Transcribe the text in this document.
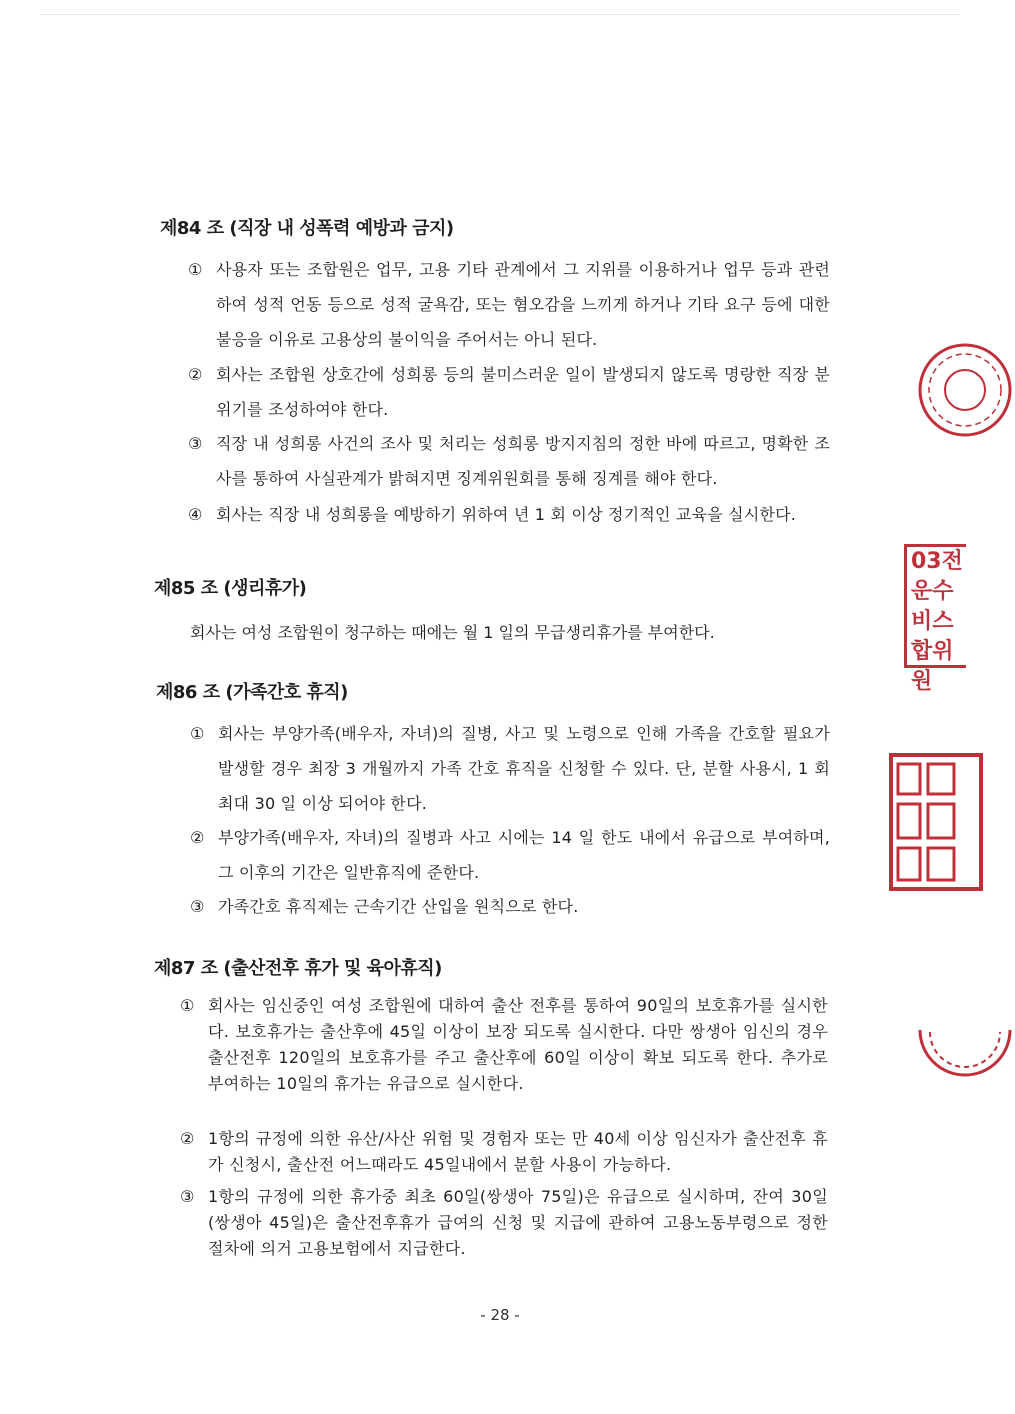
제84 조 (직장 내 성폭력 예방과 금지)
① 사용자 또는 조합원은 업무, 고용 기타 관계에서 그 지위를 이용하거나 업무 등과 관련하여 성적 언동 등으로 성적 굴욕감, 또는 혐오감을 느끼게 하거나 기타 요구 등에 대한 불응을 이유로 고용상의 불이익을 주어서는 아니 된다.
② 회사는 조합원 상호간에 성희롱 등의 불미스러운 일이 발생되지 않도록 명랑한 직장 분위기를 조성하여야 한다.
③ 직장 내 성희롱 사건의 조사 및 처리는 성희롱 방지지침의 정한 바에 따르고, 명확한 조사를 통하여 사실관계가 밝혀지면 징계위원회를 통해 징계를 해야 한다.
④ 회사는 직장 내 성희롱을 예방하기 위하여 년 1 회 이상 정기적인 교육을 실시한다.
제85 조 (생리휴가)
회사는 여성 조합원이 청구하는 때에는 월 1 일의 무급생리휴가를 부여한다.
제86 조 (가족간호 휴직)
① 회사는 부양가족(배우자, 자녀)의 질병, 사고 및 노령으로 인해 가족을 간호할 필요가 발생할 경우 최장 3 개월까지 가족 간호 휴직을 신청할 수 있다. 단, 분할 사용시, 1 회 최대 30 일 이상 되어야 한다.
② 부양가족(배우자, 자녀)의 질병과 사고 시에는 14 일 한도 내에서 유급으로 부여하며, 그 이후의 기간은 일반휴직에 준한다.
③ 가족간호 휴직제는 근속기간 산입을 원칙으로 한다.
제87 조 (출산전후 휴가 및 육아휴직)
① 회사는 임신중인 여성 조합원에 대하여 출산 전후를 통하여 90일의 보호휴가를 실시한다. 보호휴가는 출산후에 45일 이상이 보장 되도록 실시한다. 다만 쌍생아 임신의 경우 출산전후 120일의 보호휴가를 주고 출산후에 60일 이상이 확보 되도록 한다. 추가로 부여하는 10일의 휴가는 유급으로 실시한다.
② 1항의 규정에 의한 유산/사산 위험 및 경험자 또는 만 40세 이상 임신자가 출산전후 휴가 신청시, 출산전 어느때라도 45일내에서 분할 사용이 가능하다.
③ 1항의 규정에 의한 휴가중 최초 60일(쌍생아 75일)은 유급으로 실시하며, 잔여 30일(쌍생아 45일)은 출산전후휴가 급여의 신청 및 지급에 관하여 고용노동부령으로 정한 절차에 의거 고용보험에서 지급한다.
- 28 -
03전
운수
비스
합위원
